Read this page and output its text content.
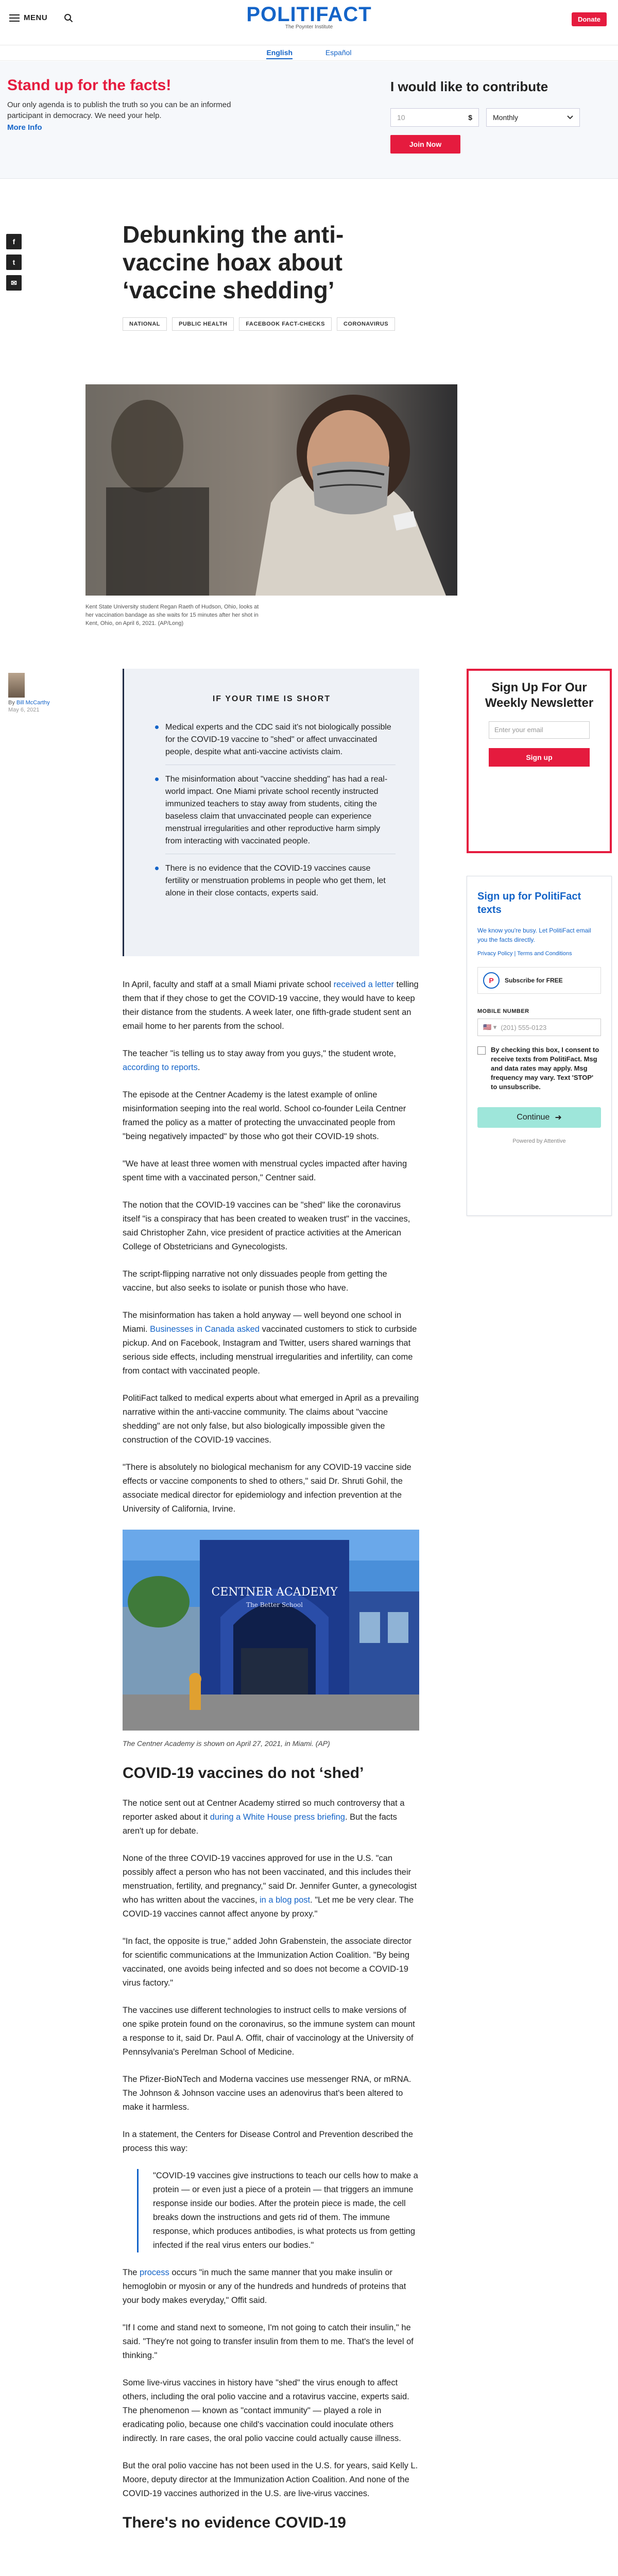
MENU	POLITIFACT
The Poynter Institute
Donate
English	Español
Stand up for the facts!
Our only agenda is to publish the truth so you can be an informed participant in democracy. We need your help.
More Info
I would like to contribute
10	$	Monthly
Join Now
f
t
✉
Debunking the anti-vaccine hoax about ‘vaccine shedding’
NATIONAL	PUBLIC HEALTH	FACEBOOK FACT-CHECKS	CORONAVIRUS
Kent State University student Regan Raeth of Hudson, Ohio, looks at her vaccination bandage as she waits for 15 minutes after her shot in Kent, Ohio, on April 6, 2021. (AP/Long)
By Bill McCarthy
May 6, 2021
IF YOUR TIME IS SHORT
Medical experts and the CDC said it's not biologically possible for the COVID-19 vaccine to "shed" or affect unvaccinated people, despite what anti-vaccine activists claim.
The misinformation about "vaccine shedding" has had a real-world impact. One Miami private school recently instructed immunized teachers to stay away from students, citing the baseless claim that unvaccinated people can experience menstrual irregularities and other reproductive harm simply from interacting with vaccinated people.
There is no evidence that the COVID-19 vaccines cause fertility or menstruation problems in people who get them, let alone in their close contacts, experts said.
Sign Up For Our Weekly Newsletter
Enter your email
Sign up
Sign up for PolitiFact texts
We know you're busy. Let PolitiFact email you the facts directly.
Privacy Policy | Terms and Conditions
P	Subscribe for FREE
MOBILE NUMBER
🇺🇸 ▾ (201) 555-0123
By checking this box, I consent to receive texts from PolitiFact. Msg and data rates may apply. Msg frequency may vary. Text 'STOP' to unsubscribe.
Continue ➜
Powered by Attentive

In April, faculty and staff at a small Miami private school received a letter telling them that if they chose to get the COVID-19 vaccine, they would have to keep their distance from the students. A week later, one fifth-grade student sent an email home to her parents from the school.

The teacher "is telling us to stay away from you guys," the student wrote, according to reports.

The episode at the Centner Academy is the latest example of online misinformation seeping into the real world. School co-founder Leila Centner framed the policy as a matter of protecting the unvaccinated people from "being negatively impacted" by those who got their COVID-19 shots.

"We have at least three women with menstrual cycles impacted after having spent time with a vaccinated person," Centner said.

The notion that the COVID-19 vaccines can be "shed" like the coronavirus itself "is a conspiracy that has been created to weaken trust" in the vaccines, said Christopher Zahn, vice president of practice activities at the American College of Obstetricians and Gynecologists.

The script-flipping narrative not only dissuades people from getting the vaccine, but also seeks to isolate or punish those who have.

The misinformation has taken a hold anyway — well beyond one school in Miami. Businesses in Canada asked vaccinated customers to stick to curbside pickup. And on Facebook, Instagram and Twitter, users shared warnings that serious side effects, including menstrual irregularities and infertility, can come from contact with vaccinated people.

PolitiFact talked to medical experts about what emerged in April as a prevailing narrative within the anti-vaccine community. The claims about "vaccine shedding" are not only false, but also biologically impossible given the construction of the COVID-19 vaccines.

"There is absolutely no biological mechanism for any COVID-19 vaccine side effects or vaccine components to shed to others," said Dr. Shruti Gohil, the associate medical director for epidemiology and infection prevention at the University of California, Irvine.

CENTNER ACADEMY
The Better School
The Centner Academy is shown on April 27, 2021, in Miami. (AP)
COVID-19 vaccines do not ‘shed’

The notice sent out at Centner Academy stirred so much controversy that a reporter asked about it during a White House press briefing. But the facts aren't up for debate.

None of the three COVID-19 vaccines approved for use in the U.S. "can possibly affect a person who has not been vaccinated, and this includes their menstruation, fertility, and pregnancy," said Dr. Jennifer Gunter, a gynecologist who has written about the vaccines, in a blog post. "Let me be very clear. The COVID-19 vaccines cannot affect anyone by proxy."

"In fact, the opposite is true," added John Grabenstein, the associate director for scientific communications at the Immunization Action Coalition. "By being vaccinated, one avoids being infected and so does not become a COVID-19 virus factory."

The vaccines use different technologies to instruct cells to make versions of one spike protein found on the coronavirus, so the immune system can mount a response to it, said Dr. Paul A. Offit, chair of vaccinology at the University of Pennsylvania's Perelman School of Medicine.

The Pfizer-BioNTech and Moderna vaccines use messenger RNA, or mRNA. The Johnson & Johnson vaccine uses an adenovirus that's been altered to make it harmless.

In a statement, the Centers for Disease Control and Prevention described the process this way:

"COVID-19 vaccines give instructions to teach our cells how to make a protein — or even just a piece of a protein — that triggers an immune response inside our bodies. After the protein piece is made, the cell breaks down the instructions and gets rid of them. The immune response, which produces antibodies, is what protects us from getting infected if the real virus enters our bodies."

The process occurs "in much the same manner that you make insulin or hemoglobin or myosin or any of the hundreds and hundreds of proteins that your body makes everyday," Offit said.

"If I come and stand next to someone, I'm not going to catch their insulin," he said. "They're not going to transfer insulin from them to me. That's the level of thinking."

Some live-virus vaccines in history have "shed" the virus enough to affect others, including the oral polio vaccine and a rotavirus vaccine, experts said. The phenomenon — known as "contact immunity" — played a role in eradicating polio, because one child's vaccination could inoculate others indirectly. In rare cases, the oral polio vaccine could actually cause illness.

But the oral polio vaccine has not been used in the U.S. for years, said Kelly L. Moore, deputy director at the Immunization Action Coalition. And none of the COVID-19 vaccines authorized in the U.S. are live-virus vaccines.

There's no evidence COVID-19
